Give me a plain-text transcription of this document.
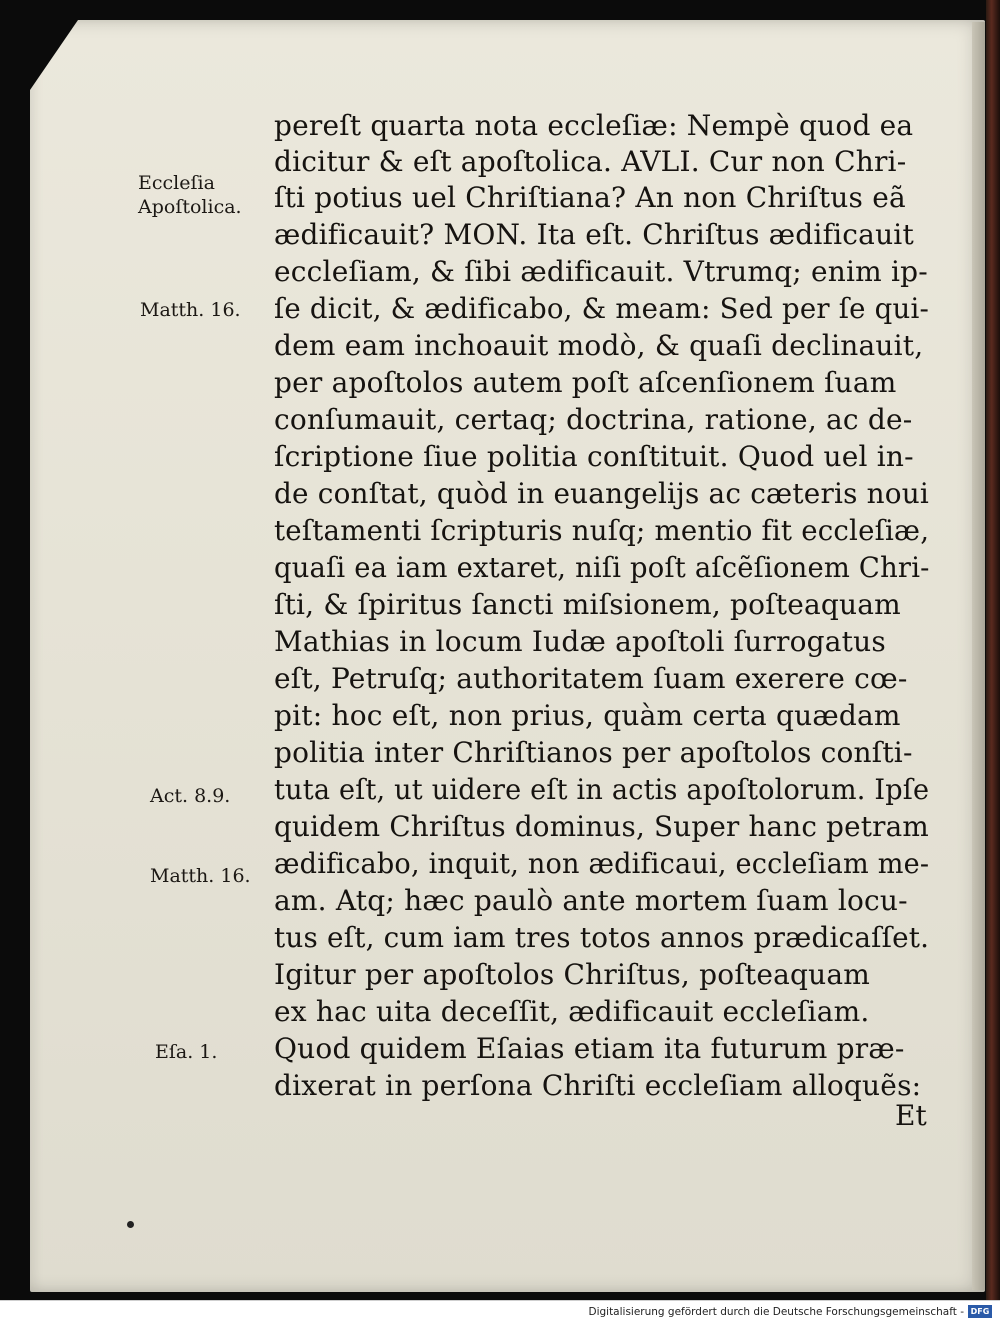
Eccleſia
Apoſtolica.
Matth. 16.
Act. 8.9.
Matth. 16.
Eſa. 1.
pereſt quarta nota eccleſiæ: Nempè quod ea
dicitur & eſt apoſtolica. AVLI. Cur non Chri-
ſti potius uel Chriſtiana? An non Chriſtus eã
ædificauit? MON. Ita eſt. Chriſtus ædificauit
eccleſiam, & ſibi ædificauit. Vtrumq; enim ip-
ſe dicit, & ædificabo, & meam: Sed per ſe qui-
dem eam inchoauit modò, & quaſi declinauit,
per apoſtolos autem poſt aſcenſionem ſuam
conſumauit, certaq; doctrina, ratione, ac de-
ſcriptione ſiue politia conſtituit. Quod uel in-
de conſtat, quòd in euangelijs ac cæteris noui
teſtamenti ſcripturis nuſq; mentio fit eccleſiæ,
quaſi ea iam extaret, niſi poſt aſcẽſionem Chri-
ſti, & ſpiritus ſancti miſsionem, poſteaquam
Mathias in locum Iudæ apoſtoli ſurrogatus
eſt, Petruſq; authoritatem ſuam exerere cœ-
pit: hoc eſt, non prius, quàm certa quædam
politia inter Chriſtianos per apoſtolos conſti-
tuta eſt, ut uidere eſt in actis apoſtolorum. Ipſe
quidem Chriſtus dominus, Super hanc petram
ædificabo, inquit, non ædificaui, eccleſiam me-
am. Atq; hæc paulò ante mortem ſuam locu-
tus eſt, cum iam tres totos annos prædicaſſet.
Igitur per apoſtolos Chriſtus, poſteaquam
ex hac uita deceſſit, ædificauit eccleſiam.
Quod quidem Eſaias etiam ita futurum præ-
dixerat in perſona Chriſti eccleſiam alloquẽs:
Et
Digitalisierung gefördert durch die Deutsche Forschungsgemeinschaft - DFG
